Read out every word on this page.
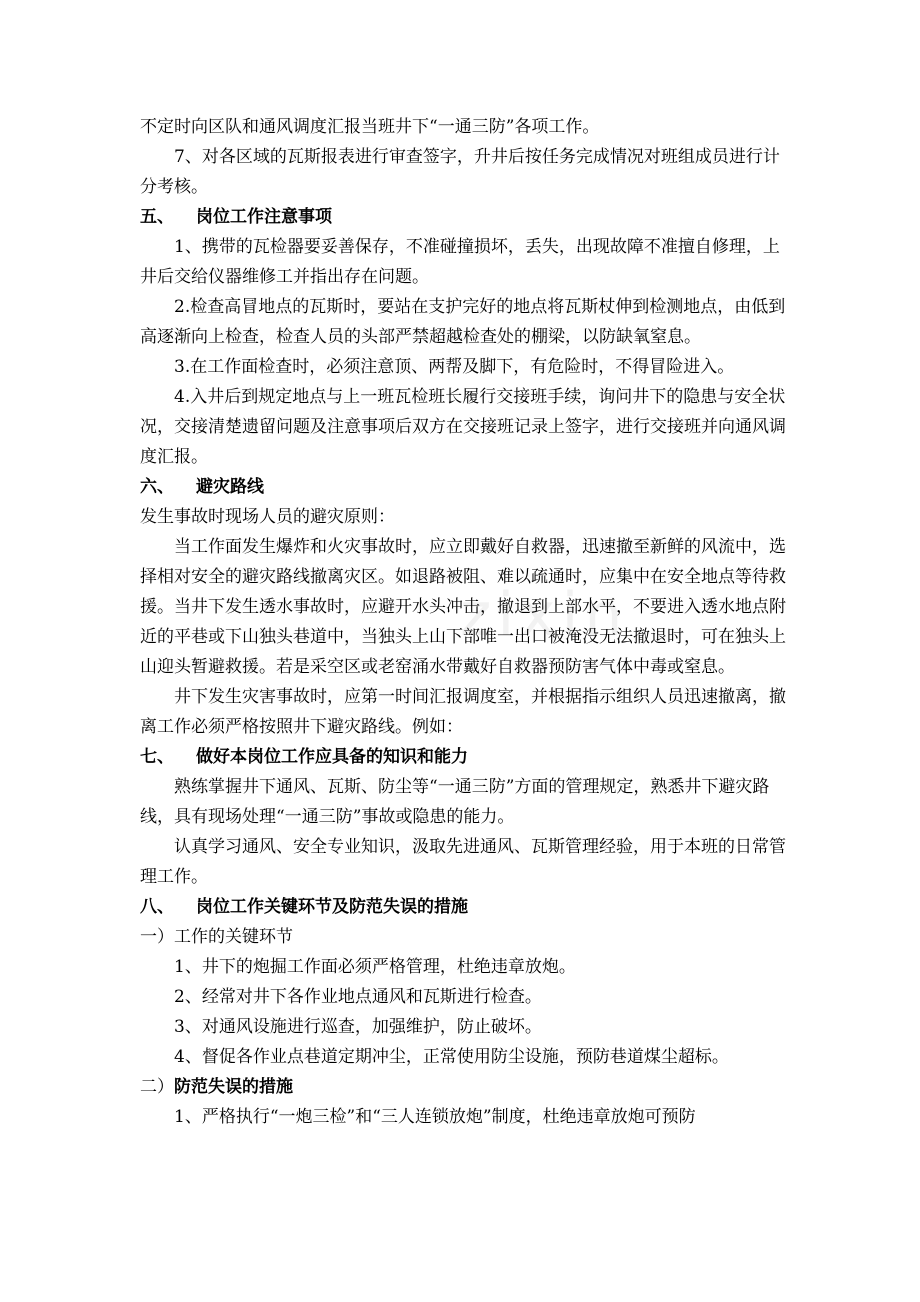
zixin

不定时向区队和通风调度汇报当班井下“一通三防”各项工作。

7、对各区域的瓦斯报表进行审查签字，升井后按任务完成情况对班组成员进行计分考核。

五、 岗位工作注意事项

1、携带的瓦检器要妥善保存，不准碰撞损坏，丢失，出现故障不准擅自修理，上井后交给仪器维修工并指出存在问题。

2.检查高冒地点的瓦斯时，要站在支护完好的地点将瓦斯杖伸到检测地点，由低到高逐渐向上检查，检查人员的头部严禁超越检查处的棚梁，以防缺氧窒息。

3.在工作面检查时，必须注意顶、两帮及脚下，有危险时，不得冒险进入。

4.入井后到规定地点与上一班瓦检班长履行交接班手续，询问井下的隐患与安全状况，交接清楚遗留问题及注意事项后双方在交接班记录上签字，进行交接班并向通风调度汇报。

六、 避灾路线

发生事故时现场人员的避灾原则：

当工作面发生爆炸和火灾事故时，应立即戴好自救器，迅速撤至新鲜的风流中，选择相对安全的避灾路线撤离灾区。如退路被阻、难以疏通时，应集中在安全地点等待救援。当井下发生透水事故时，应避开水头冲击，撤退到上部水平，不要进入透水地点附近的平巷或下山独头巷道中，当独头上山下部唯一出口被淹没无法撤退时，可在独头上山迎头暂避救援。若是采空区或老窑涌水带戴好自救器预防害气体中毒或窒息。

井下发生灾害事故时，应第一时间汇报调度室，并根据指示组织人员迅速撤离，撤离工作必须严格按照井下避灾路线。例如：

七、 做好本岗位工作应具备的知识和能力

熟练掌握井下通风、瓦斯、防尘等“一通三防”方面的管理规定，熟悉井下避灾路线，具有现场处理“一通三防”事故或隐患的能力。

认真学习通风、安全专业知识，汲取先进通风、瓦斯管理经验，用于本班的日常管理工作。

八、 岗位工作关键环节及防范失误的措施

一）工作的关键环节

1、井下的炮掘工作面必须严格管理，杜绝违章放炮。

2、经常对井下各作业地点通风和瓦斯进行检查。

3、对通风设施进行巡查，加强维护，防止破坏。

4、督促各作业点巷道定期冲尘，正常使用防尘设施，预防巷道煤尘超标。

二）防范失误的措施

1、严格执行“一炮三检”和“三人连锁放炮”制度，杜绝违章放炮可预防
